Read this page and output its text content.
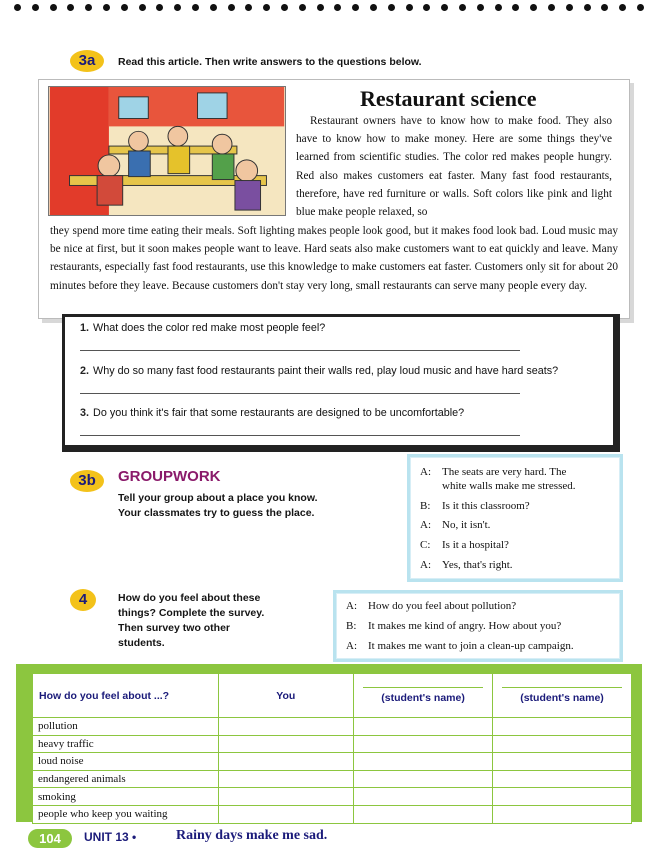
3a	Read this article. Then write answers to the questions below.
Restaurant science
Restaurant owners have to know how to make food. They also have to know how to make money. Here are some things they've learned from scientific studies. The color red makes people hungry. Red also makes customers eat faster. Many fast food restaurants, therefore, have red furniture or walls. Soft colors like pink and light blue make people relaxed, so
they spend more time eating their meals. Soft lighting makes people look good, but it makes food look bad. Loud music may be nice at first, but it soon makes people want to leave. Hard seats also make customers want to eat quickly and leave. Many restaurants, especially fast food restaurants, use this knowledge to make customers eat faster. Customers only sit for about 20 minutes before they leave. Because customers don't stay very long, small restaurants can serve many people every day.
1. What does the color red make most people feel?
2. Why do so many fast food restaurants paint their walls red, play loud music and have hard seats?
3. Do you think it's fair that some restaurants are designed to be uncomfortable?
3b	GROUPWORK
Tell your group about a place you know.
Your classmates try to guess the place.
A:	The seats are very hard. The
white walls make me stressed.
B:	Is it this classroom?
A:	No, it isn't.
C:	Is it a hospital?
A:	Yes, that's right.
4	How do you feel about these
things? Complete the survey.
Then survey two other
students.
A:	How do you feel about pollution?
B:	It makes me kind of angry. How about you?
A:	It makes me want to join a clean-up campaign.
How do you feel about ...?	You	(student's name)	(student's name)
pollution			
heavy traffic			
loud noise			
endangered animals			
smoking			
people who keep you waiting			
104	UNIT 13 •	Rainy days make me sad.
